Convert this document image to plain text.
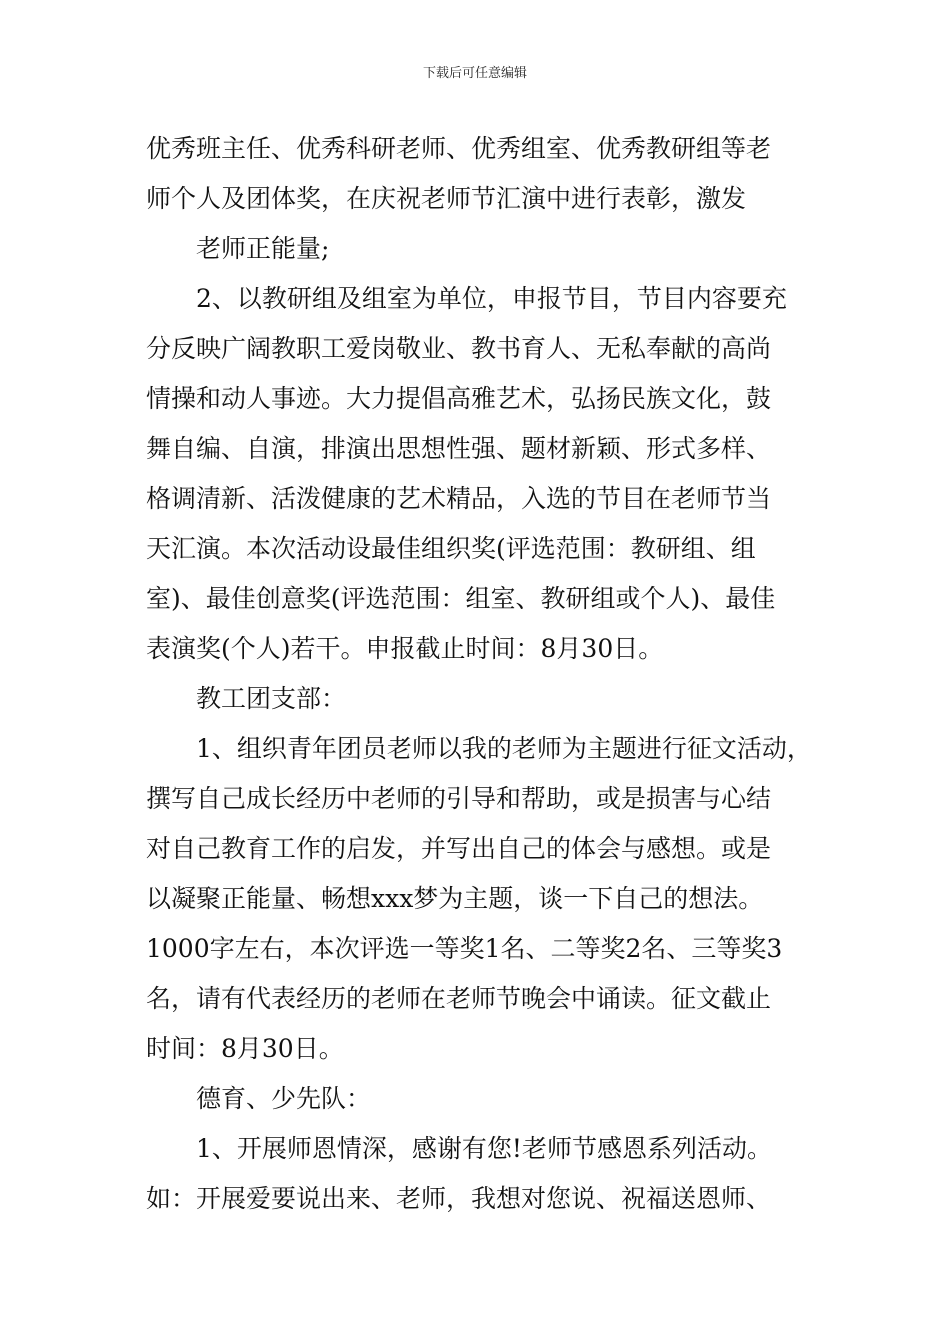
下载后可任意编辑
优秀班主任、优秀科研老师、优秀组室、优秀教研组等老
师个人及团体奖，在庆祝老师节汇演中进行表彰，激发
老师正能量;
2、以教研组及组室为单位，申报节目，节目内容要充
分反映广阔教职工爱岗敬业、教书育人、无私奉献的高尚
情操和动人事迹。大力提倡高雅艺术，弘扬民族文化，鼓
舞自编、自演，排演出思想性强、题材新颖、形式多样、
格调清新、活泼健康的艺术精品，入选的节目在老师节当
天汇演。本次活动设最佳组织奖(评选范围：教研组、组
室)、最佳创意奖(评选范围：组室、教研组或个人)、最佳
表演奖(个人)若干。申报截止时间：8月30日。
教工团支部：
1、组织青年团员老师以我的老师为主题进行征文活动，
撰写自己成长经历中老师的引导和帮助，或是损害与心结
对自己教育工作的启发，并写出自己的体会与感想。或是
以凝聚正能量、畅想xxx梦为主题，谈一下自己的想法。
1000字左右，本次评选一等奖1名、二等奖2名、三等奖3
名，请有代表经历的老师在老师节晚会中诵读。征文截止
时间：8月30日。
德育、少先队：
1、开展师恩情深，感谢有您!老师节感恩系列活动。
如：开展爱要说出来、老师，我想对您说、祝福送恩师、
